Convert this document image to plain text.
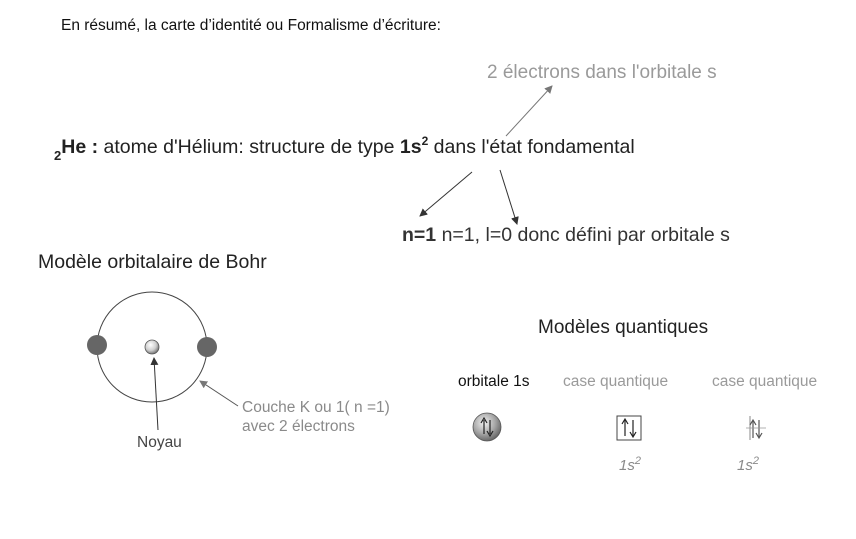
En résumé, la carte d’identité ou Formalisme d’écriture:
2 électrons dans l'orbitale s
$_2$He : atome d'Hélium: structure de type $1s^2$ dans l'état fondamental
n=1 n=1, l=0 donc défini par orbitale s
Modèle orbitalaire de Bohr
Modèles quantiques
orbitale 1s case quantique	case quantique
Couche K ou 1( n =1)
avec 2 électrons
Noyau
$1s^2$	$1s^2$
